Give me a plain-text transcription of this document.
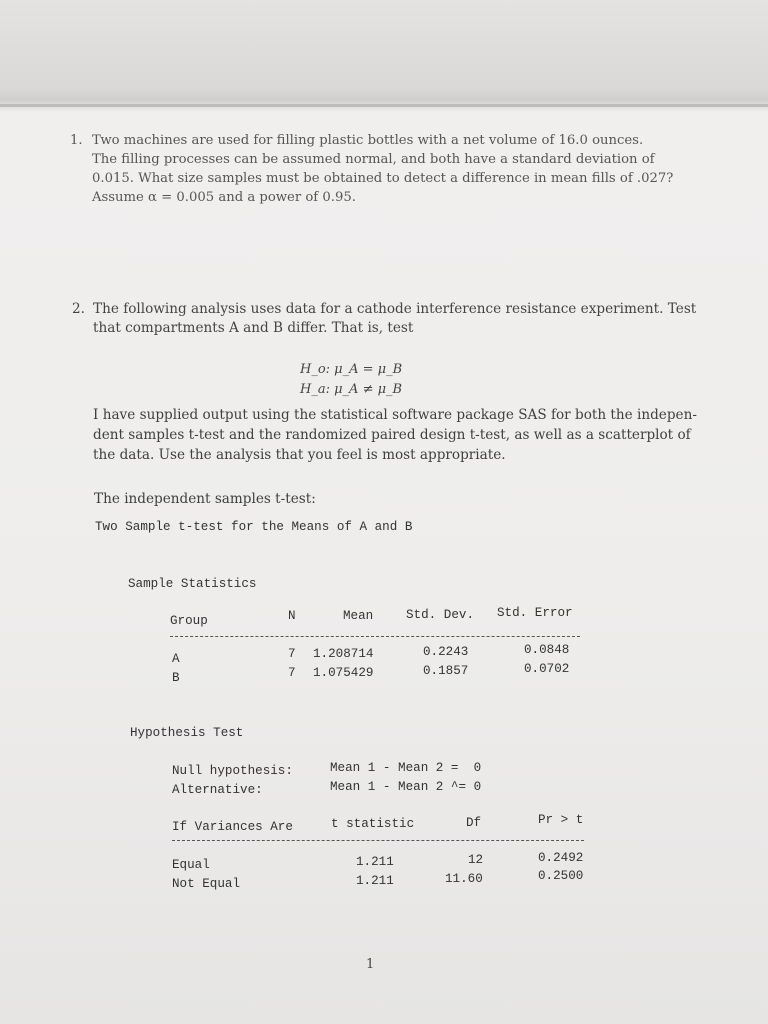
1. Two machines are used for filling plastic bottles with a net volume of 16.0 ounces.
The filling processes can be assumed normal, and both have a standard deviation of
0.015. What size samples must be obtained to detect a difference in mean fills of .027?
Assume α = 0.005 and a power of 0.95.
2. The following analysis uses data for a cathode interference resistance experiment. Test
that compartments A and B differ. That is, test
H_o: μ_A = μ_B
H_a: μ_A ≠ μ_B
I have supplied output using the statistical software package SAS for both the indepen-
dent samples t-test and the randomized paired design t-test, as well as a scatterplot of
the data. Use the analysis that you feel is most appropriate.
The independent samples t-test:
Two Sample t-test for the Means of A and B
Sample Statistics
Group	N	Mean	Std. Dev. Std. Error
A	7 1.208714	0.2243	0.0848
B	7 1.075429	0.1857	0.0702
Hypothesis Test
Null hypothesis:	Mean 1 - Mean 2 =  0
Alternative:	Mean 1 - Mean 2 ^= 0
If Variances Are	t statistic	Df	Pr > t
Equal	1.211	12	0.2492
Not Equal	1.211	11.60	0.2500
1
